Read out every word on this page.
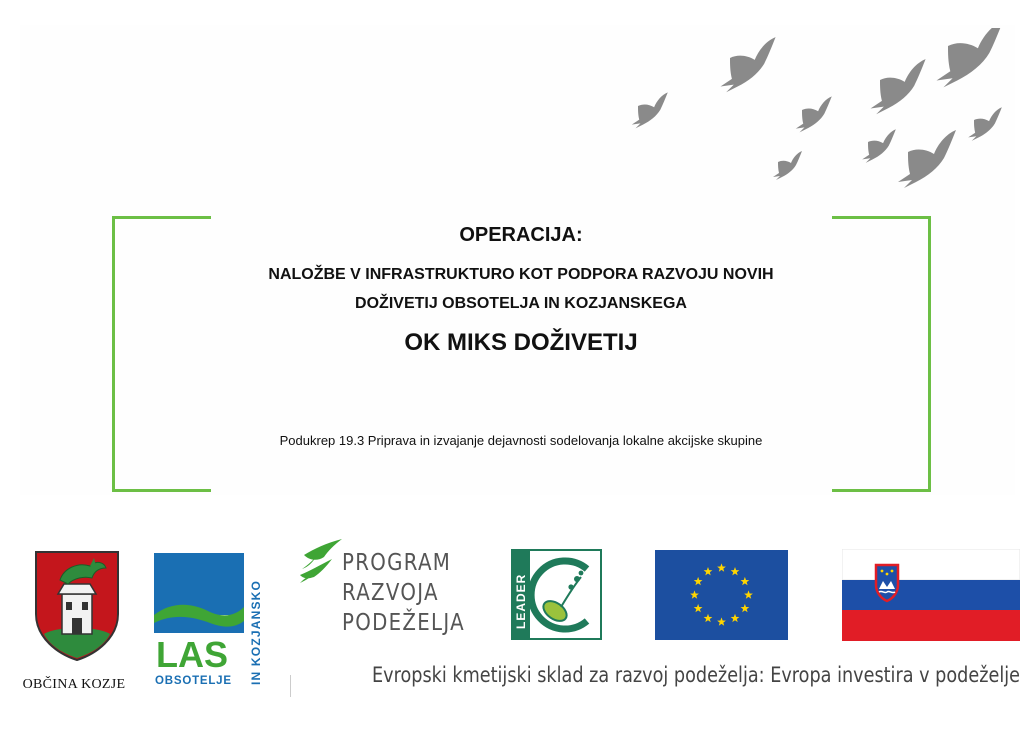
OPERACIJA:

NALOŽBE V INFRASTRUKTURO KOT PODPORA RAZVOJU NOVIH

DOŽIVETIJ OBSOTELJA IN KOZJANSKEGA

OK MIKS DOŽIVETIJ

Podukrep 19.3 Priprava in izvajanje dejavnosti sodelovanja lokalne akcijske skupine
OBČINA KOZJE
LAS
OBSOTELJE IN KOZJANSKO
PROGRAM
RAZVOJA
PODEŽELJA	LEADER
Evropski kmetijski sklad za razvoj podeželja: Evropa investira v podeželje
